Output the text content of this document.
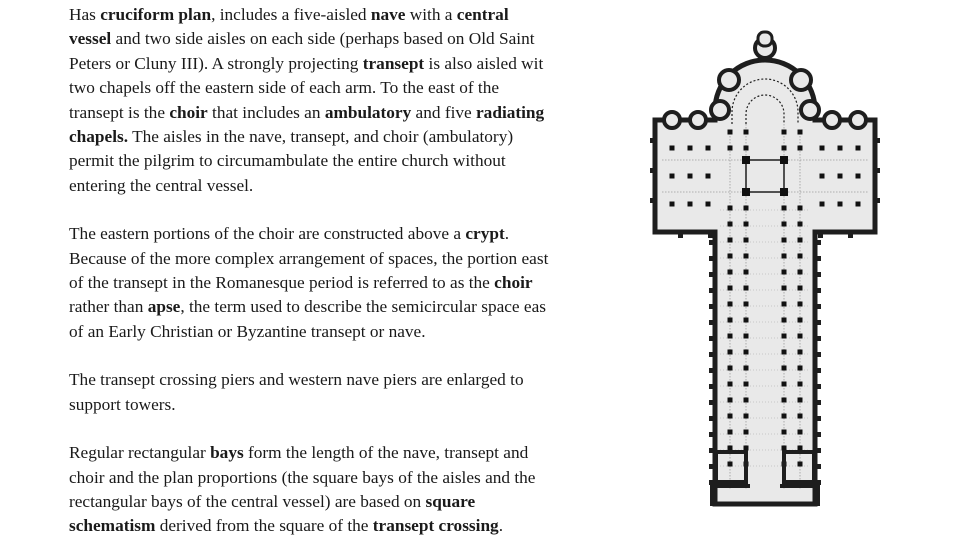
Has cruciform plan, includes a five-aisled nave with a central
vessel and two side aisles on each side (perhaps based on Old Saint
Peters or Cluny III). A strongly projecting transept is also aisled wit
two chapels off the eastern side of each arm. To the east of the
transept is the choir that includes an ambulatory and five radiating
chapels. The aisles in the nave, transept, and choir (ambulatory)
permit the pilgrim to circumambulate the entire church without
entering the central vessel.
The eastern portions of the choir are constructed above a crypt.
Because of the more complex arrangement of spaces, the portion east
of the transept in the Romanesque period is referred to as the choir
rather than apse, the term used to describe the semicircular space eas
of an Early Christian or Byzantine transept or nave.
The transept crossing piers and western nave piers are enlarged to
support towers.
Regular rectangular bays form the length of the nave, transept and
choir and the plan proportions (the square bays of the aisles and the
rectangular bays of the central vessel) are based on square
schematism derived from the square of the transept crossing.
